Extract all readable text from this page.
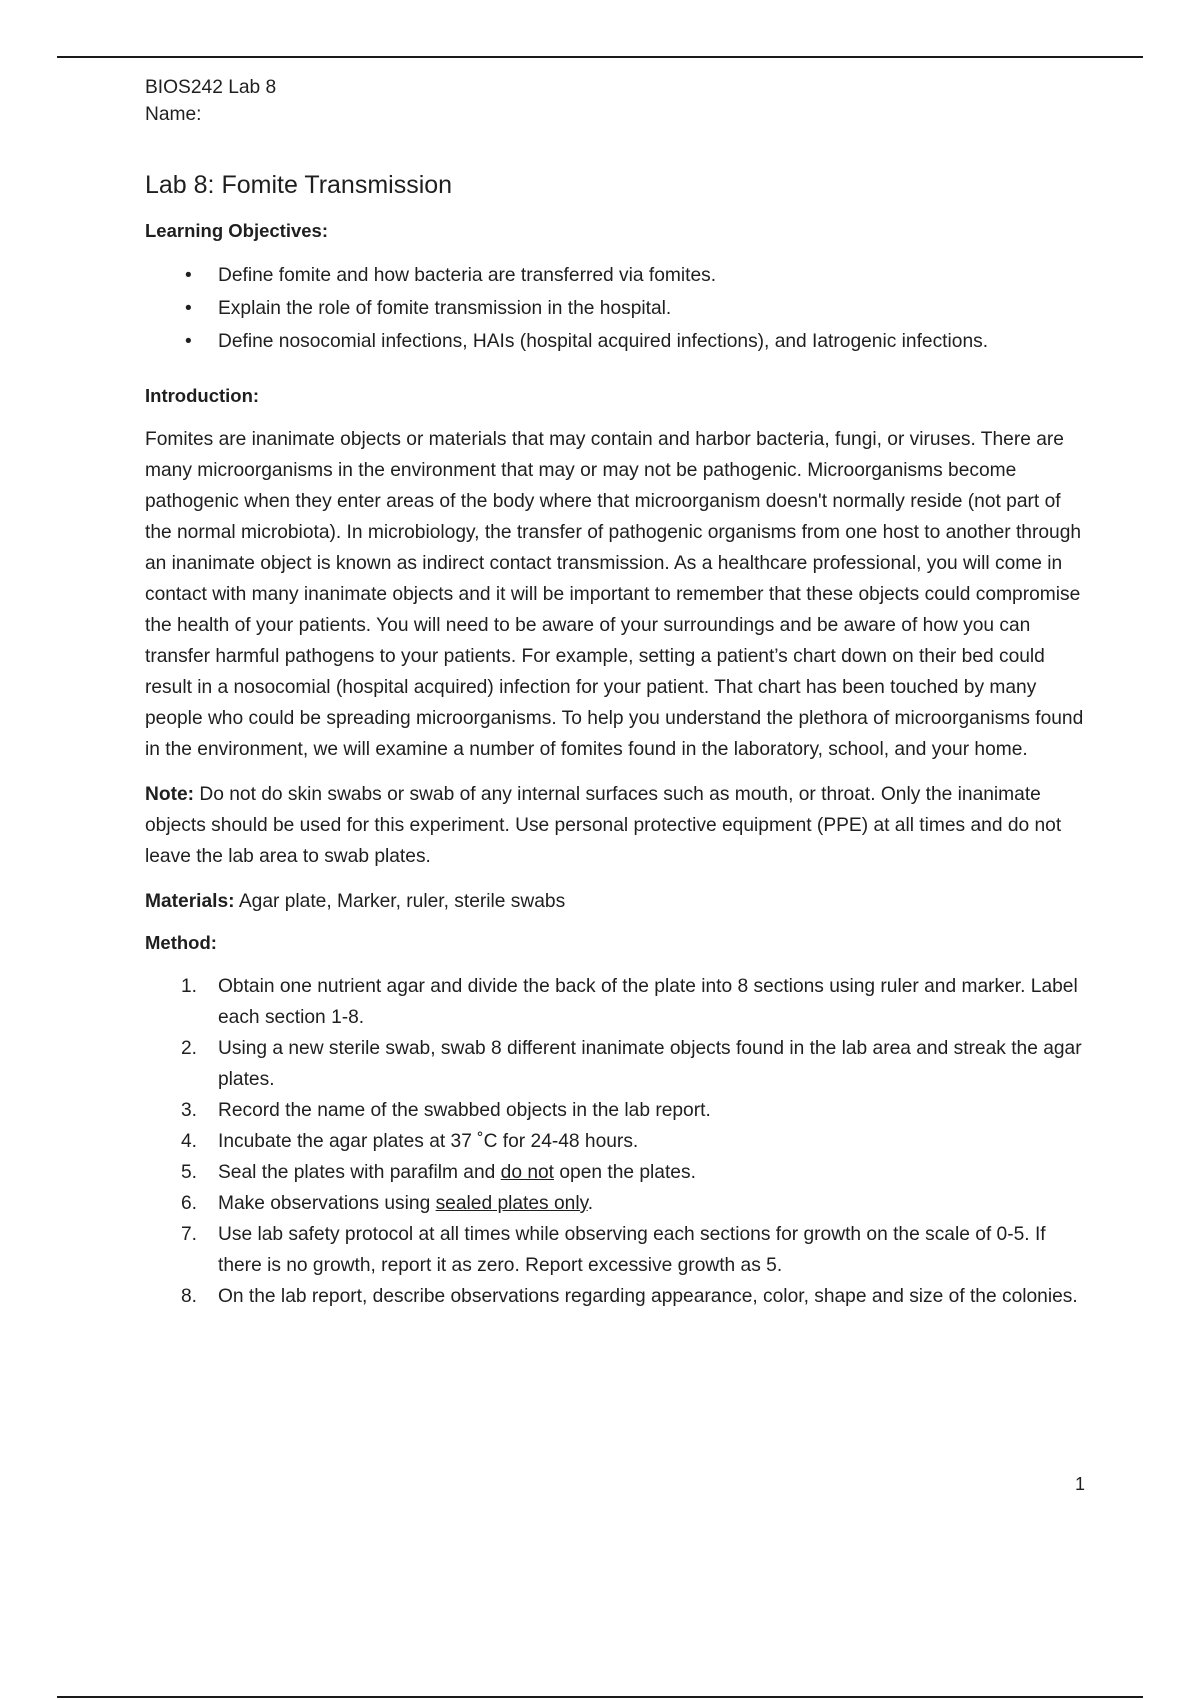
BIOS242 Lab 8

Name:

Lab 8: Fomite Transmission

Learning Objectives:

• Define fomite and how bacteria are transferred via fomites.
• Explain the role of fomite transmission in the hospital.
• Define nosocomial infections, HAIs (hospital acquired infections), and Iatrogenic infections.

Introduction:

Fomites are inanimate objects or materials that may contain and harbor bacteria, fungi, or viruses. There are many microorganisms in the environment that may or may not be pathogenic. Microorganisms become pathogenic when they enter areas of the body where that microorganism doesn't normally reside (not part of the normal microbiota). In microbiology, the transfer of pathogenic organisms from one host to another through an inanimate object is known as indirect contact transmission. As a healthcare professional, you will come in contact with many inanimate objects and it will be important to remember that these objects could compromise the health of your patients. You will need to be aware of your surroundings and be aware of how you can transfer harmful pathogens to your patients. For example, setting a patient’s chart down on their bed could result in a nosocomial (hospital acquired) infection for your patient. That chart has been touched by many people who could be spreading microorganisms. To help you understand the plethora of microorganisms found in the environment, we will examine a number of fomites found in the laboratory, school, and your home.

Note: Do not do skin swabs or swab of any internal surfaces such as mouth, or throat. Only the inanimate objects should be used for this experiment. Use personal protective equipment (PPE) at all times and do not leave the lab area to swab plates.

Materials: Agar plate, Marker, ruler, sterile swabs

Method:

1. Obtain one nutrient agar and divide the back of the plate into 8 sections using ruler and marker. Label each section 1-8.
2. Using a new sterile swab, swab 8 different inanimate objects found in the lab area and streak the agar plates.
3. Record the name of the swabbed objects in the lab report.
4. Incubate the agar plates at 37 ˚C for 24-48 hours.
5. Seal the plates with parafilm and do not open the plates.
6. Make observations using sealed plates only.
7. Use lab safety protocol at all times while observing each sections for growth on the scale of 0-5. If there is no growth, report it as zero. Report excessive growth as 5.
8. On the lab report, describe observations regarding appearance, color, shape and size of the colonies.
1
